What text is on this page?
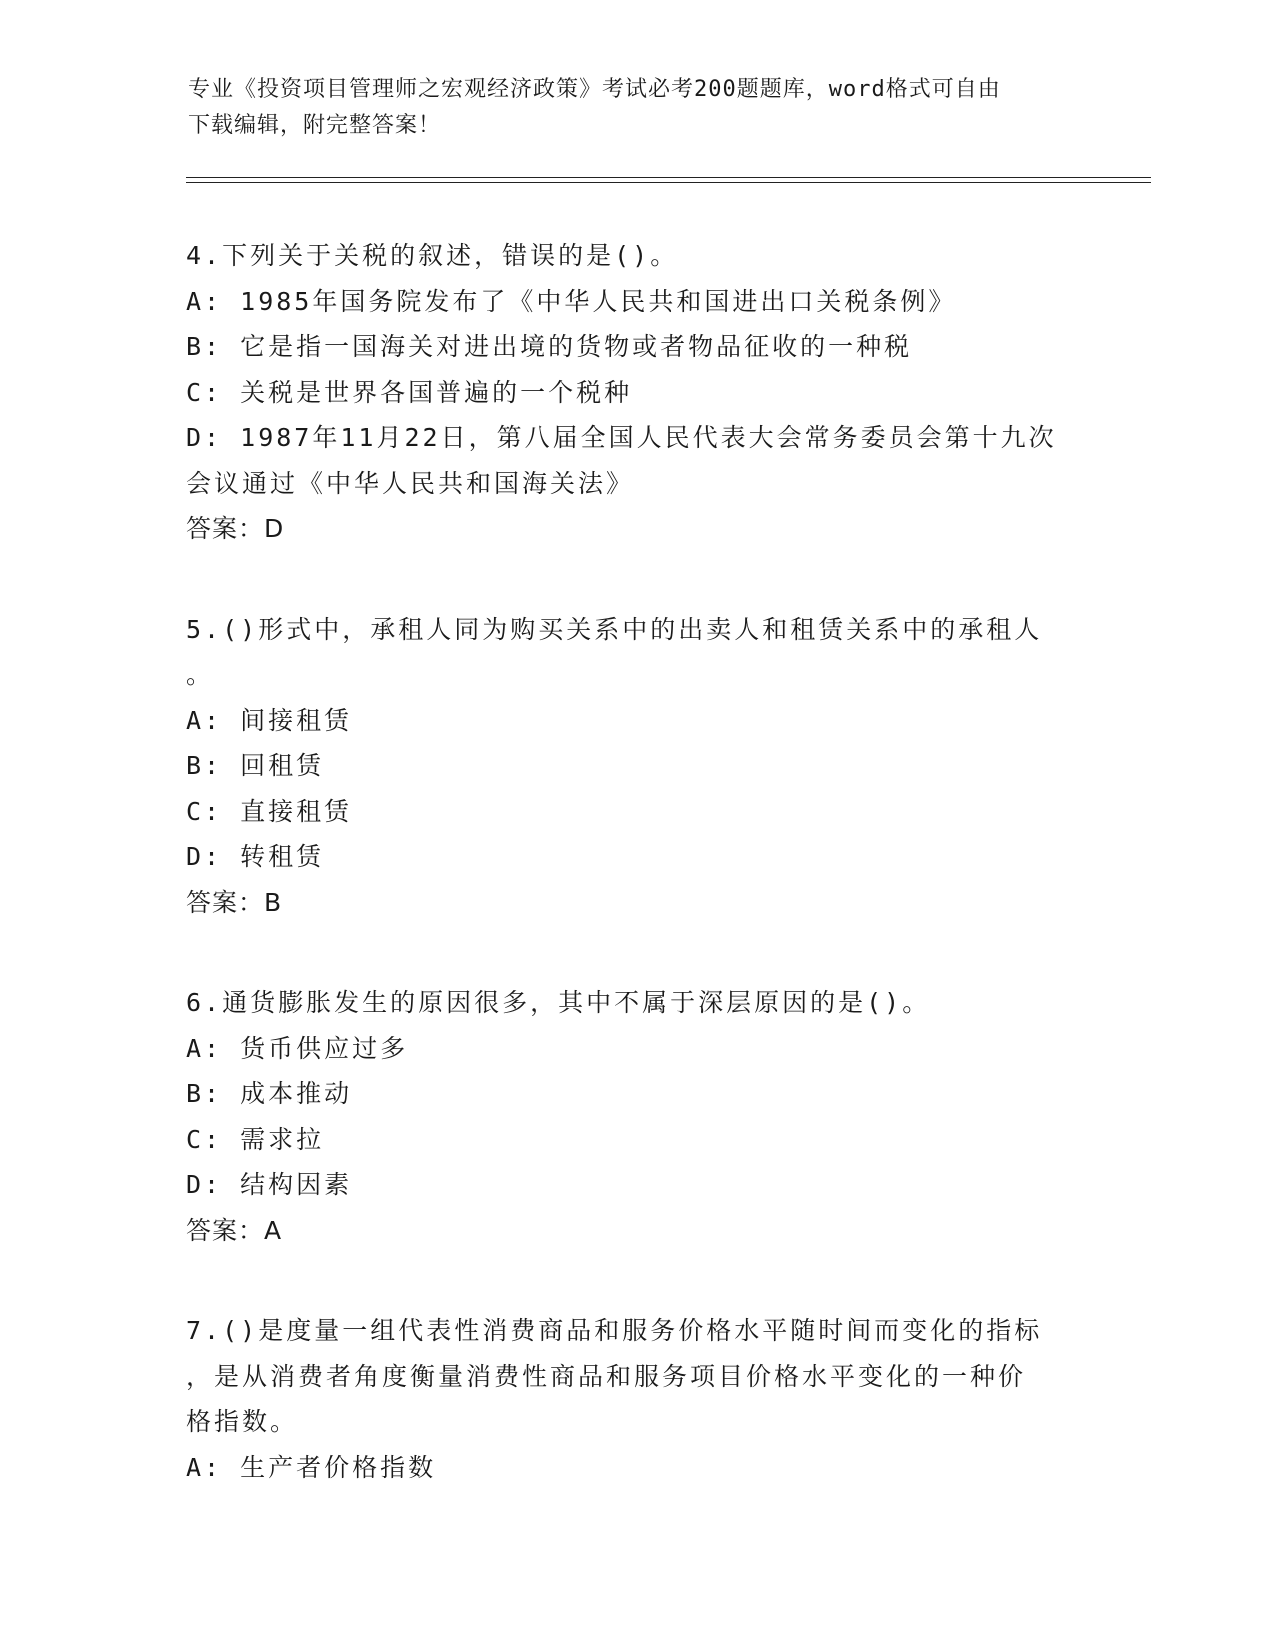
专业《投资项目管理师之宏观经济政策》考试必考200题题库，word格式可自由
下载编辑，附完整答案！
4.下列关于关税的叙述，错误的是()。
A: 1985年国务院发布了《中华人民共和国进出口关税条例》
B: 它是指一国海关对进出境的货物或者物品征收的一种税
C: 关税是世界各国普遍的一个税种
D: 1987年11月22日，第八届全国人民代表大会常务委员会第十九次
会议通过《中华人民共和国海关法》
答案：D
5.()形式中，承租人同为购买关系中的出卖人和租赁关系中的承租人
。
A: 间接租赁
B: 回租赁
C: 直接租赁
D: 转租赁
答案：B
6.通货膨胀发生的原因很多，其中不属于深层原因的是()。
A: 货币供应过多
B: 成本推动
C: 需求拉
D: 结构因素
答案：A
7.()是度量一组代表性消费商品和服务价格水平随时间而变化的指标
，是从消费者角度衡量消费性商品和服务项目价格水平变化的一种价
格指数。
A: 生产者价格指数
